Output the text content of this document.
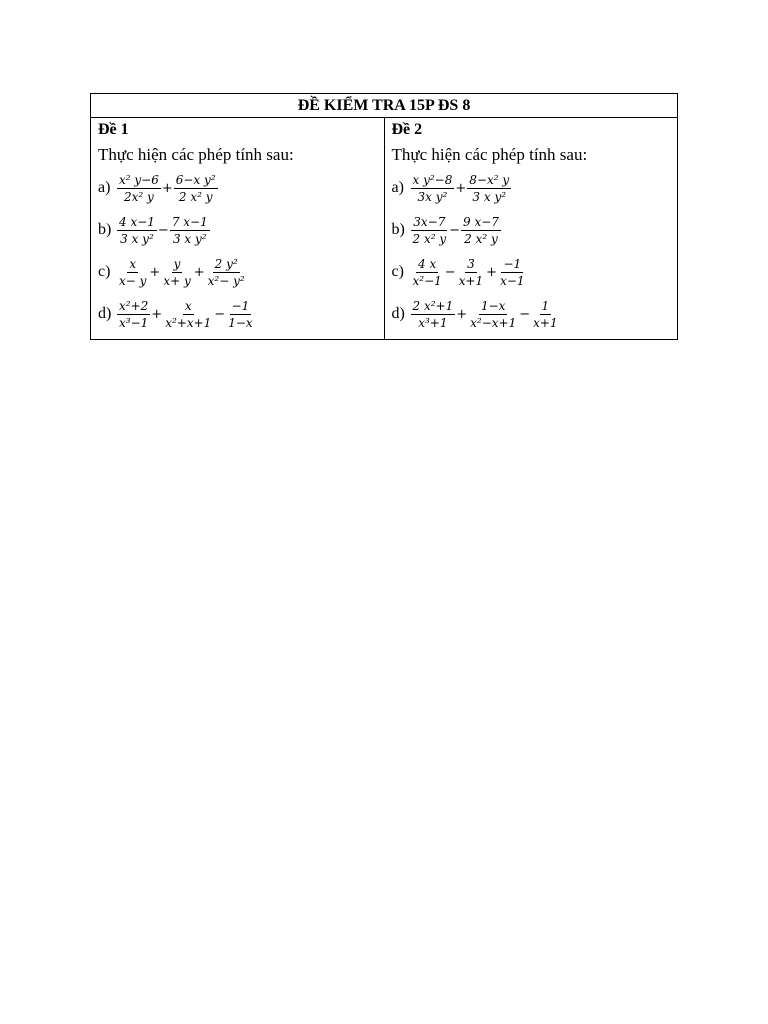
ĐỀ KIỂM TRA 15P ĐS 8

Đề 1
Thực hiện các phép tính sau:
$a) \frac{\text{x² y−6}}{\text{2x² y}} + \frac{\text{6−x y²}}{\text{2 x² y}}$
$b) \frac{4 x-1}{\text{3 x y²}} - \frac{7 x-1}{\text{3 x y²}}$
$c) \frac{x}{x- y} + \frac{y}{x+ y} + \frac{\text{2 y²}}{\text{x²− y²}}$
$d) \frac{\text{x²+2}}{\text{x³−1}} + \frac{x}{\text{x²+x+1}} - \frac{-1}{1-x}$

Đề 2
Thực hiện các phép tính sau:
$a) \frac{\text{x y²−8}}{\text{3x y²}} + \frac{\text{8−x² y}}{\text{3 x y²}}$
$b) \frac{3x-7}{\text{2 x² y}} - \frac{9 x-7}{\text{2 x² y}}$
$c) \frac{4 x}{\text{x²−1}} - \frac{3}{x+1} + \frac{-1}{x-1}$
$d) \frac{\text{2 x²+1}}{\text{x³+1}} + \frac{1-x}{\text{x²−x+1}} - \frac{1}{x+1}$
